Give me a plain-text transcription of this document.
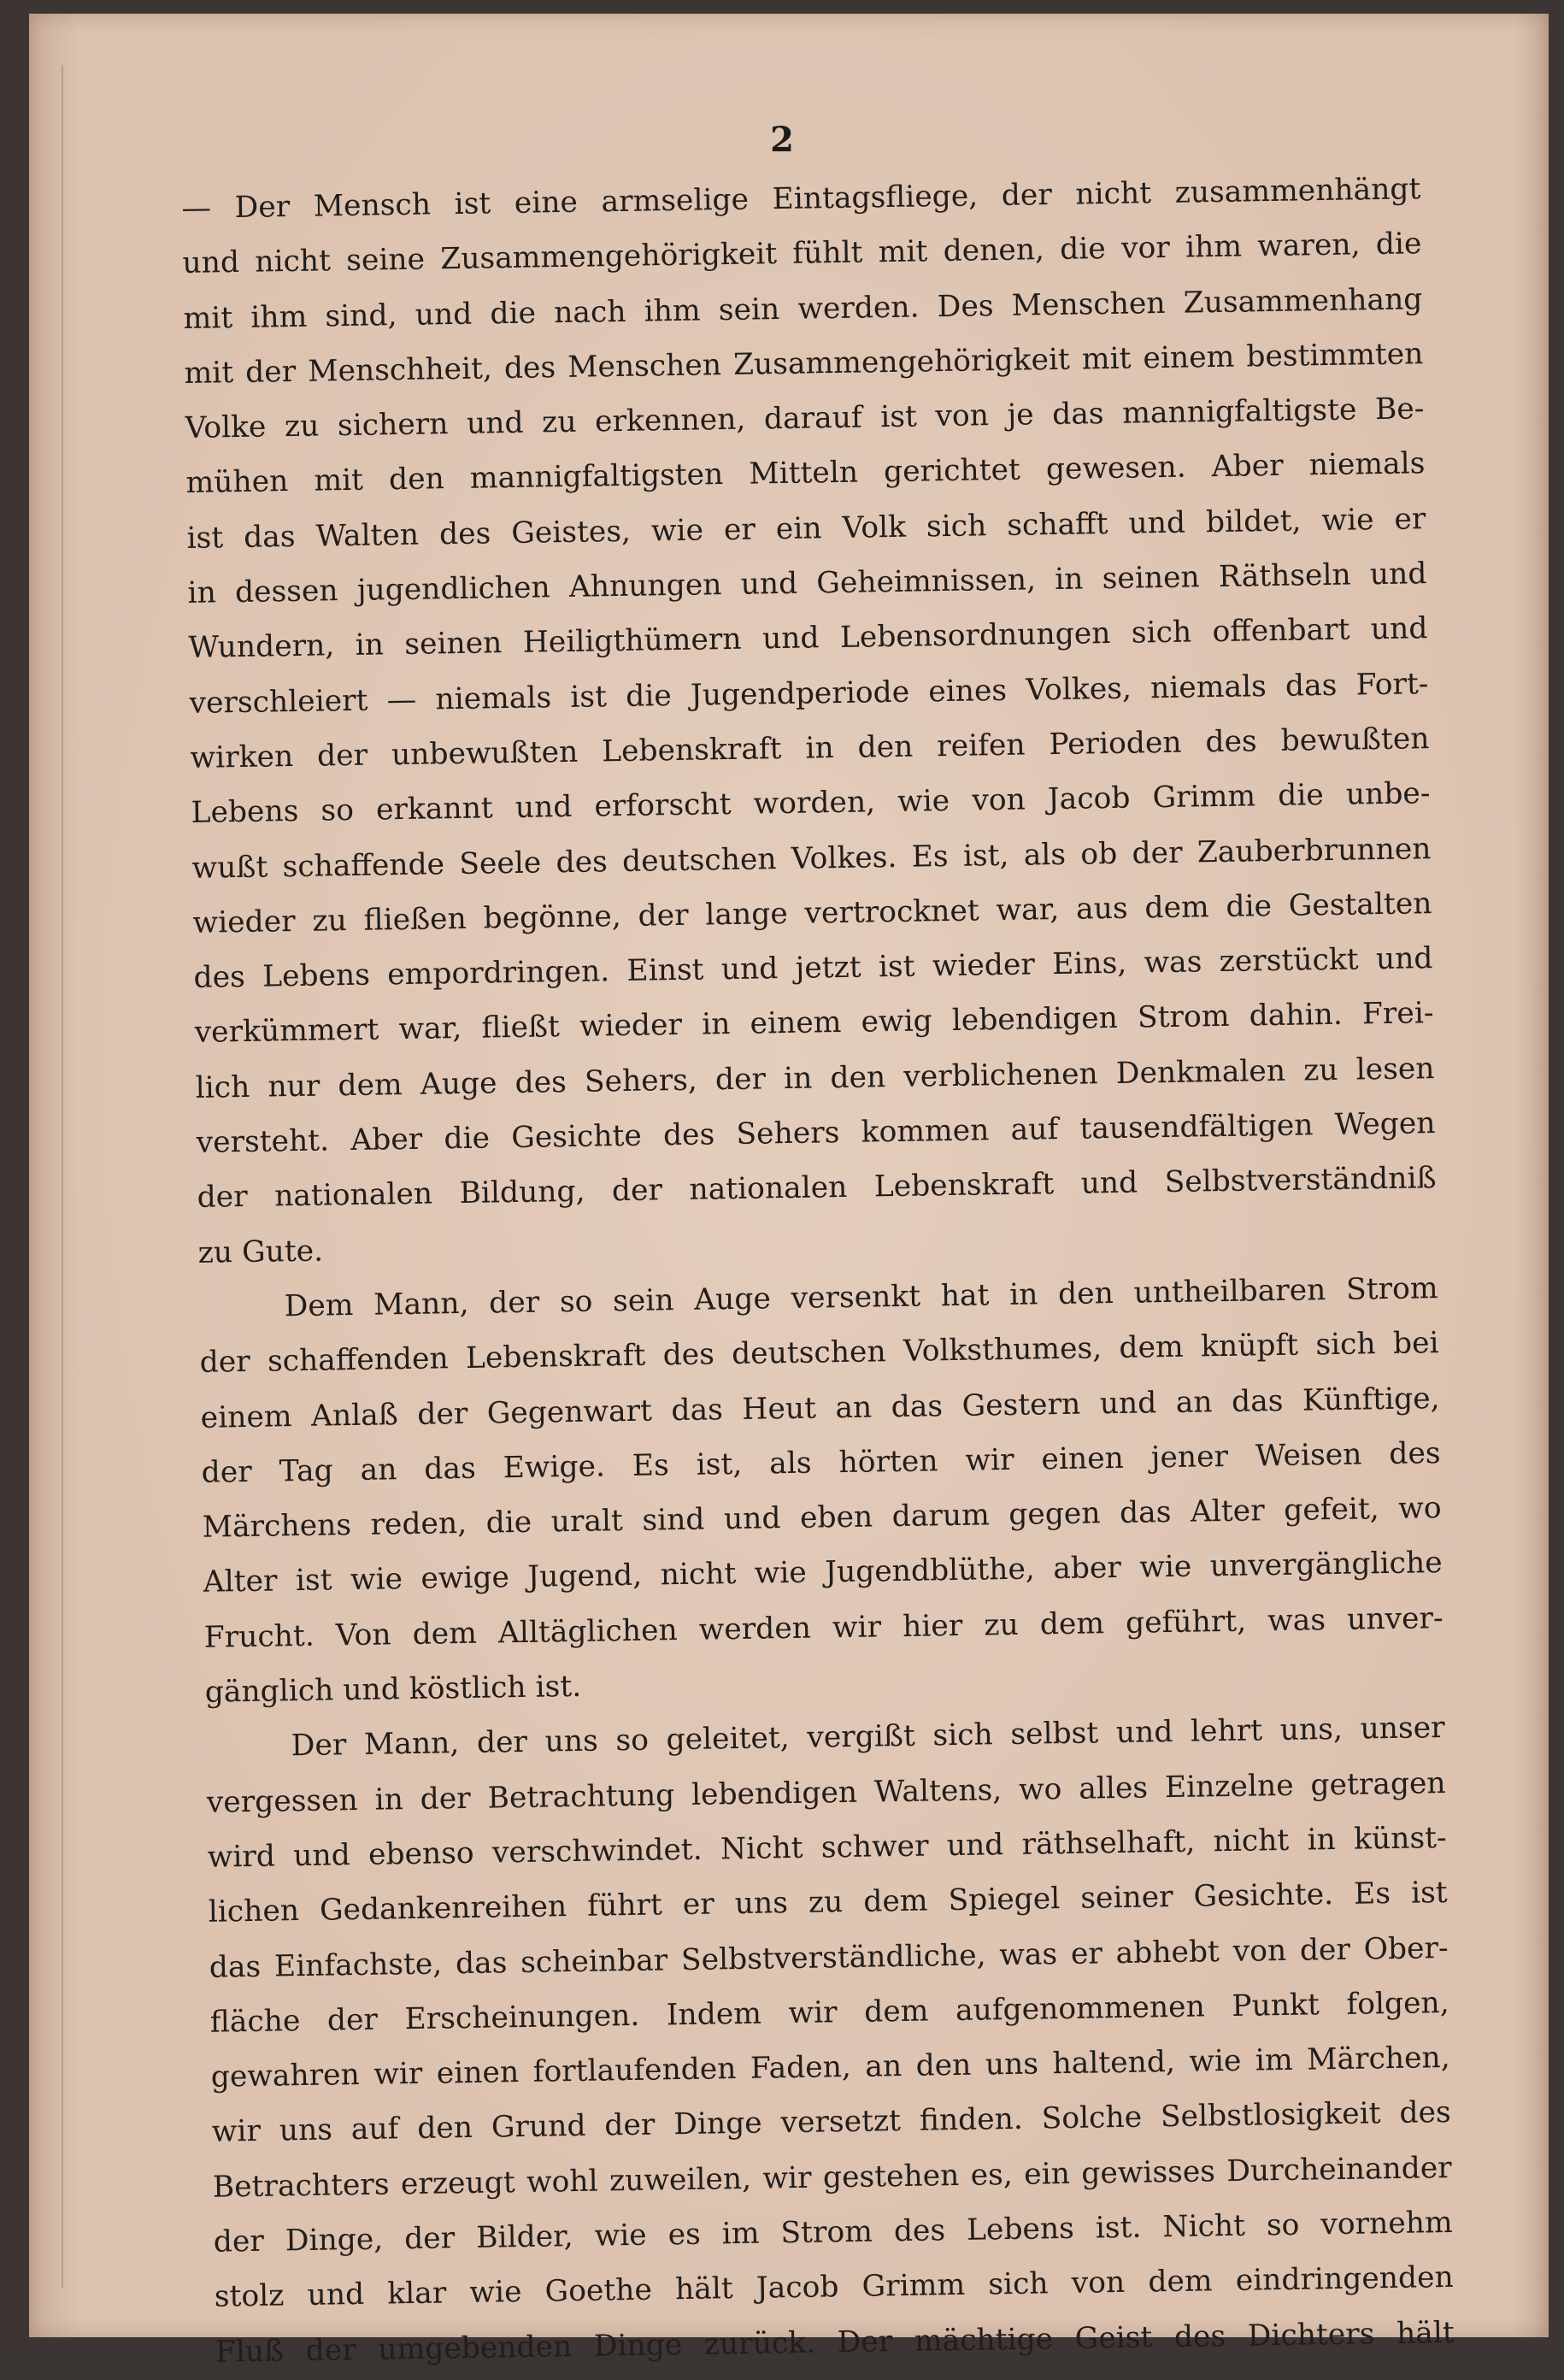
2
— Der Mensch ist eine armselige Eintagsfliege, der nicht zusammenhängt
und nicht seine Zusammengehörigkeit fühlt mit denen, die vor ihm waren, die
mit ihm sind, und die nach ihm sein werden. Des Menschen Zusammenhang
mit der Menschheit, des Menschen Zusammengehörigkeit mit einem bestimmten
Volke zu sichern und zu erkennen, darauf ist von je das mannigfaltigste Be-
mühen mit den mannigfaltigsten Mitteln gerichtet gewesen. Aber niemals
ist das Walten des Geistes, wie er ein Volk sich schafft und bildet, wie er
in dessen jugendlichen Ahnungen und Geheimnissen, in seinen Räthseln und
Wundern, in seinen Heiligthümern und Lebensordnungen sich offenbart und
verschleiert — niemals ist die Jugendperiode eines Volkes, niemals das Fort-
wirken der unbewußten Lebenskraft in den reifen Perioden des bewußten
Lebens so erkannt und erforscht worden, wie von Jacob Grimm die unbe-
wußt schaffende Seele des deutschen Volkes. Es ist, als ob der Zauberbrunnen
wieder zu fließen begönne, der lange vertrocknet war, aus dem die Gestalten
des Lebens empordringen. Einst und jetzt ist wieder Eins, was zerstückt und
verkümmert war, fließt wieder in einem ewig lebendigen Strom dahin. Frei-
lich nur dem Auge des Sehers, der in den verblichenen Denkmalen zu lesen
versteht. Aber die Gesichte des Sehers kommen auf tausendfältigen Wegen
der nationalen Bildung, der nationalen Lebenskraft und Selbstverständniß
zu Gute.
Dem Mann, der so sein Auge versenkt hat in den untheilbaren Strom
der schaffenden Lebenskraft des deutschen Volksthumes, dem knüpft sich bei
einem Anlaß der Gegenwart das Heut an das Gestern und an das Künftige,
der Tag an das Ewige. Es ist, als hörten wir einen jener Weisen des
Märchens reden, die uralt sind und eben darum gegen das Alter gefeit, wo
Alter ist wie ewige Jugend, nicht wie Jugendblüthe, aber wie unvergängliche
Frucht. Von dem Alltäglichen werden wir hier zu dem geführt, was unver-
gänglich und köstlich ist.
Der Mann, der uns so geleitet, vergißt sich selbst und lehrt uns, unser
vergessen in der Betrachtung lebendigen Waltens, wo alles Einzelne getragen
wird und ebenso verschwindet. Nicht schwer und räthselhaft, nicht in künst-
lichen Gedankenreihen führt er uns zu dem Spiegel seiner Gesichte. Es ist
das Einfachste, das scheinbar Selbstverständliche, was er abhebt von der Ober-
fläche der Erscheinungen. Indem wir dem aufgenommenen Punkt folgen,
gewahren wir einen fortlaufenden Faden, an den uns haltend, wie im Märchen,
wir uns auf den Grund der Dinge versetzt finden. Solche Selbstlosigkeit des
Betrachters erzeugt wohl zuweilen, wir gestehen es, ein gewisses Durcheinander
der Dinge, der Bilder, wie es im Strom des Lebens ist. Nicht so vornehm
stolz und klar wie Goethe hält Jacob Grimm sich von dem eindringenden
Fluß der umgebenden Dinge zurück. Der mächtige Geist des Dichters hält
